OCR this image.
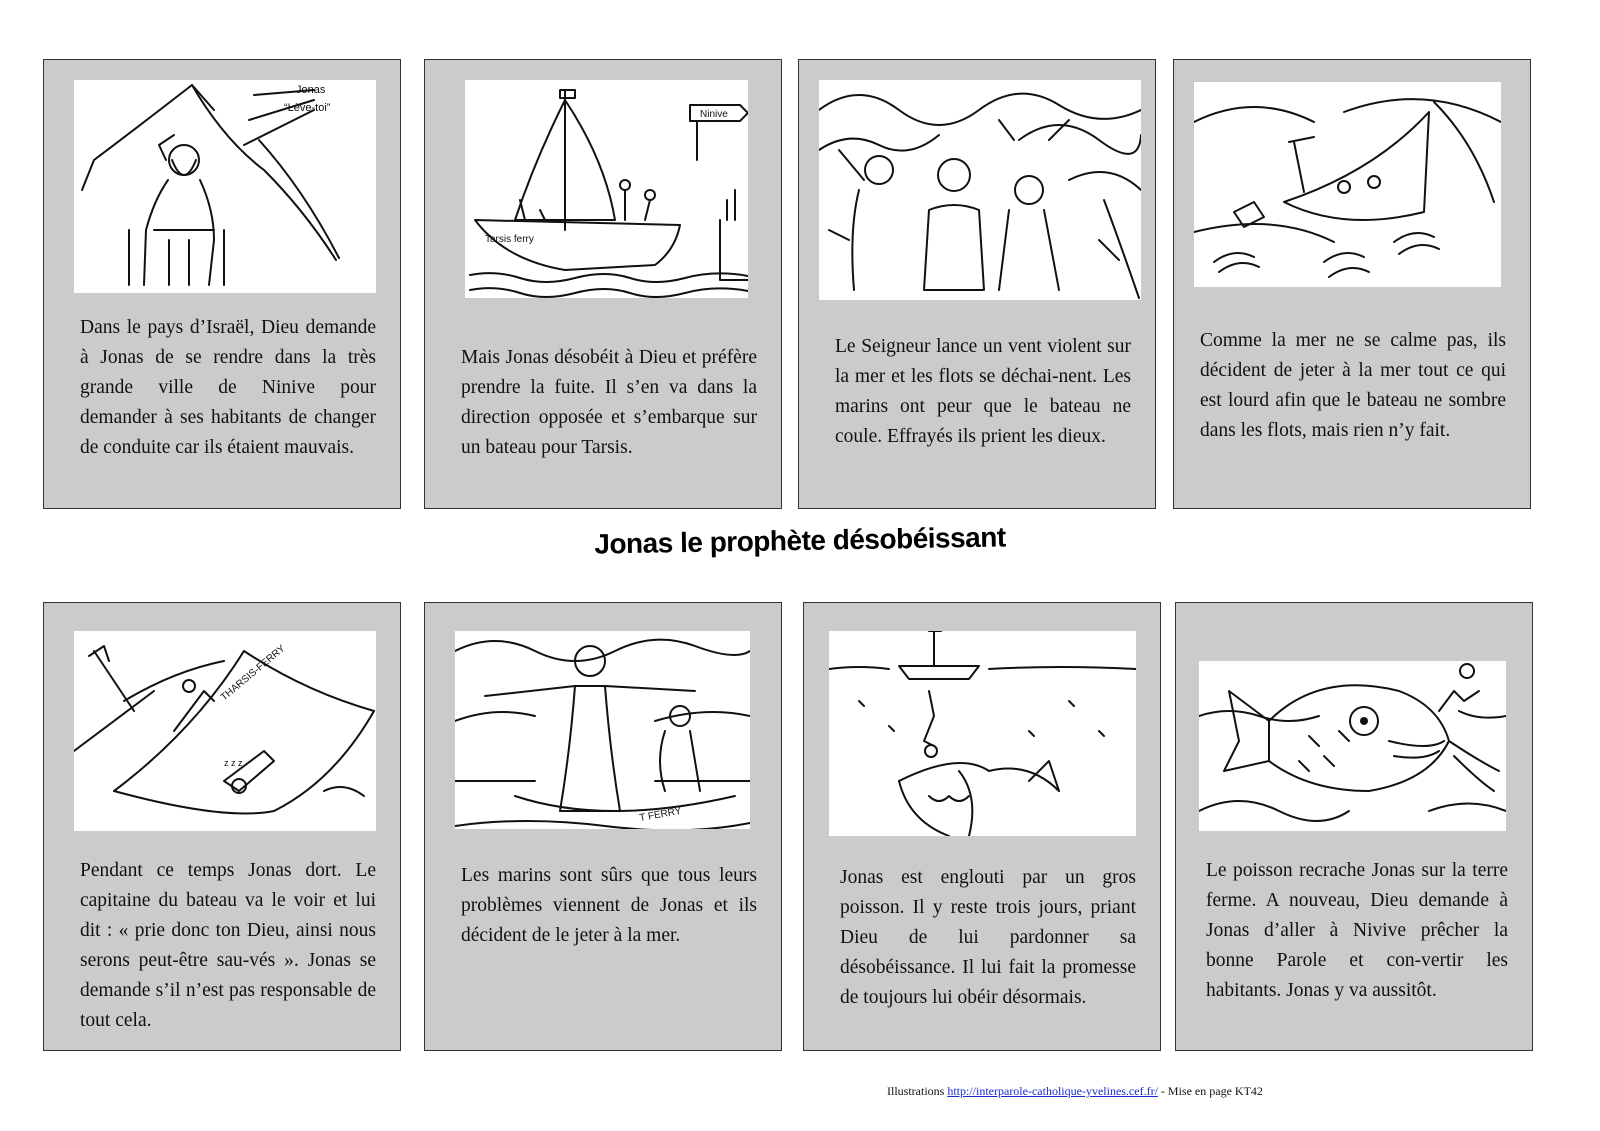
Jonas
“Lève-toi”

Dans le pays d’Israël, Dieu demande à Jonas de se rendre dans la très grande ville de Ninive pour demander à ses habitants de changer de conduite car ils étaient mauvais.

Ninive
Tarsis ferry

Mais Jonas désobéit à Dieu et préfère prendre la fuite. Il s’en va dans la direction opposée et s’embarque sur un bateau pour Tarsis.

Le Seigneur lance un vent violent sur la mer et les flots se déchai-nent. Les marins ont peur que le bateau ne coule. Effrayés ils prient les dieux.

Comme la mer ne se calme pas, ils décident de jeter à la mer tout ce qui est lourd afin que le bateau ne sombre dans les flots, mais rien n’y fait.

Jonas le prophète désobéissant
THARSIS-FERRY
z z z

Pendant ce temps Jonas dort. Le capitaine du bateau va le voir et lui dit : « prie donc ton Dieu, ainsi nous serons peut-être sau-vés ». Jonas se demande s’il n’est pas responsable de tout cela.

T FERRY

Les marins sont sûrs que tous leurs problèmes viennent de Jonas et ils décident de le jeter à la mer.

Jonas est englouti par un gros poisson. Il y reste trois jours, priant Dieu de lui pardonner sa désobéissance. Il lui fait la promesse de toujours lui obéir désormais.

Le poisson recrache Jonas sur la terre ferme. A nouveau, Dieu demande à Jonas d’aller à Nivive prêcher la bonne Parole et con-vertir les habitants. Jonas y va aussitôt.

Illustrations http://interparole-catholique-yvelines.cef.fr/ - Mise en page KT42
